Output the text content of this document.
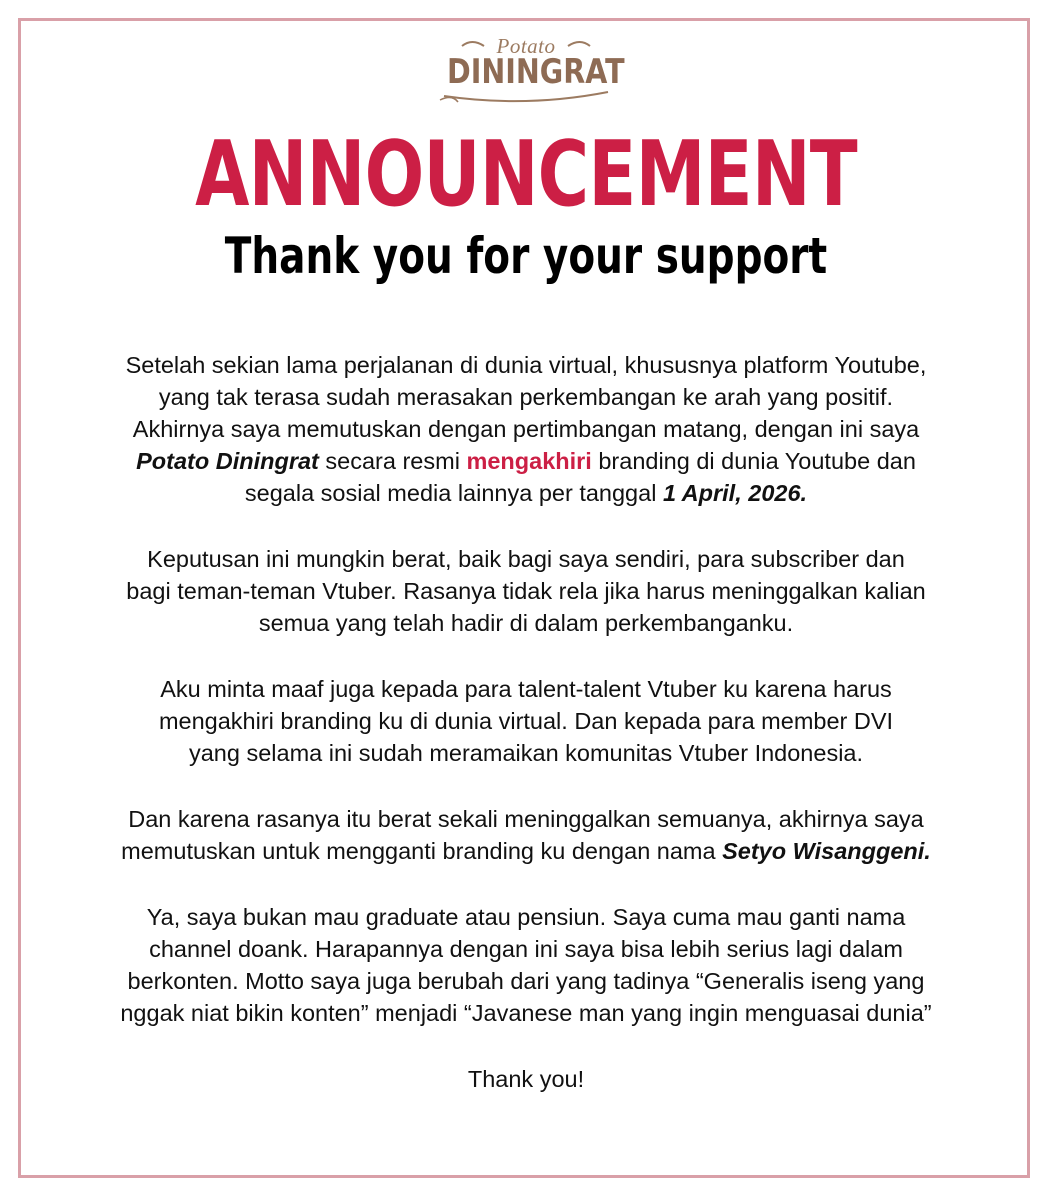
Potato
DININGRAT
ANNOUNCEMENT
Thank you for your support
Setelah sekian lama perjalanan di dunia virtual, khususnya platform Youtube,
yang tak terasa sudah merasakan perkembangan ke arah yang positif.
Akhirnya saya memutuskan dengan pertimbangan matang, dengan ini saya
Potato Diningrat secara resmi mengakhiri branding di dunia Youtube dan
segala sosial media lainnya per tanggal 1 April, 2026.
Keputusan ini mungkin berat, baik bagi saya sendiri, para subscriber dan
bagi teman-teman Vtuber. Rasanya tidak rela jika harus meninggalkan kalian
semua yang telah hadir di dalam perkembanganku.
Aku minta maaf juga kepada para talent-talent Vtuber ku karena harus
mengakhiri branding ku di dunia virtual. Dan kepada para member DVI
yang selama ini sudah meramaikan komunitas Vtuber Indonesia.
Dan karena rasanya itu berat sekali meninggalkan semuanya, akhirnya saya
memutuskan untuk mengganti branding ku dengan nama Setyo Wisanggeni.
Ya, saya bukan mau graduate atau pensiun. Saya cuma mau ganti nama
channel doank. Harapannya dengan ini saya bisa lebih serius lagi dalam
berkonten. Motto saya juga berubah dari yang tadinya “Generalis iseng yang
nggak niat bikin konten” menjadi “Javanese man yang ingin menguasai dunia”
Thank you!
